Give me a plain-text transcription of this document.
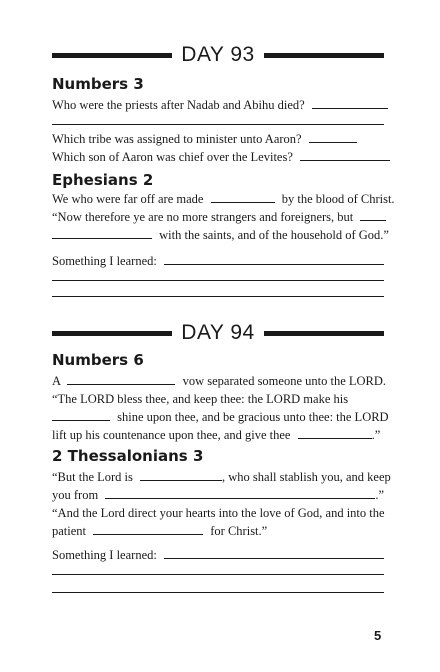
DAY 93
Numbers 3
Who were the priests after Nadab and Abihu died?
Which tribe was assigned to minister unto Aaron?
Which son of Aaron was chief over the Levites?
Ephesians 2
We who were far off are made	by the blood of Christ.
“Now therefore ye are no more strangers and foreigners, but
with the saints, and of the household of God.”
Something I learned:
DAY 94
Numbers 6
A	vow separated someone unto the LORD.
“The LORD bless thee, and keep thee: the LORD make his
shine upon thee, and be gracious unto thee: the LORD
lift up his countenance upon thee, and give thee	.”
2 Thessalonians 3
“But the Lord is	, who shall stablish you, and keep
you from	.”
“And the Lord direct your hearts into the love of God, and into the
patient	for Christ.”
Something I learned:
5
